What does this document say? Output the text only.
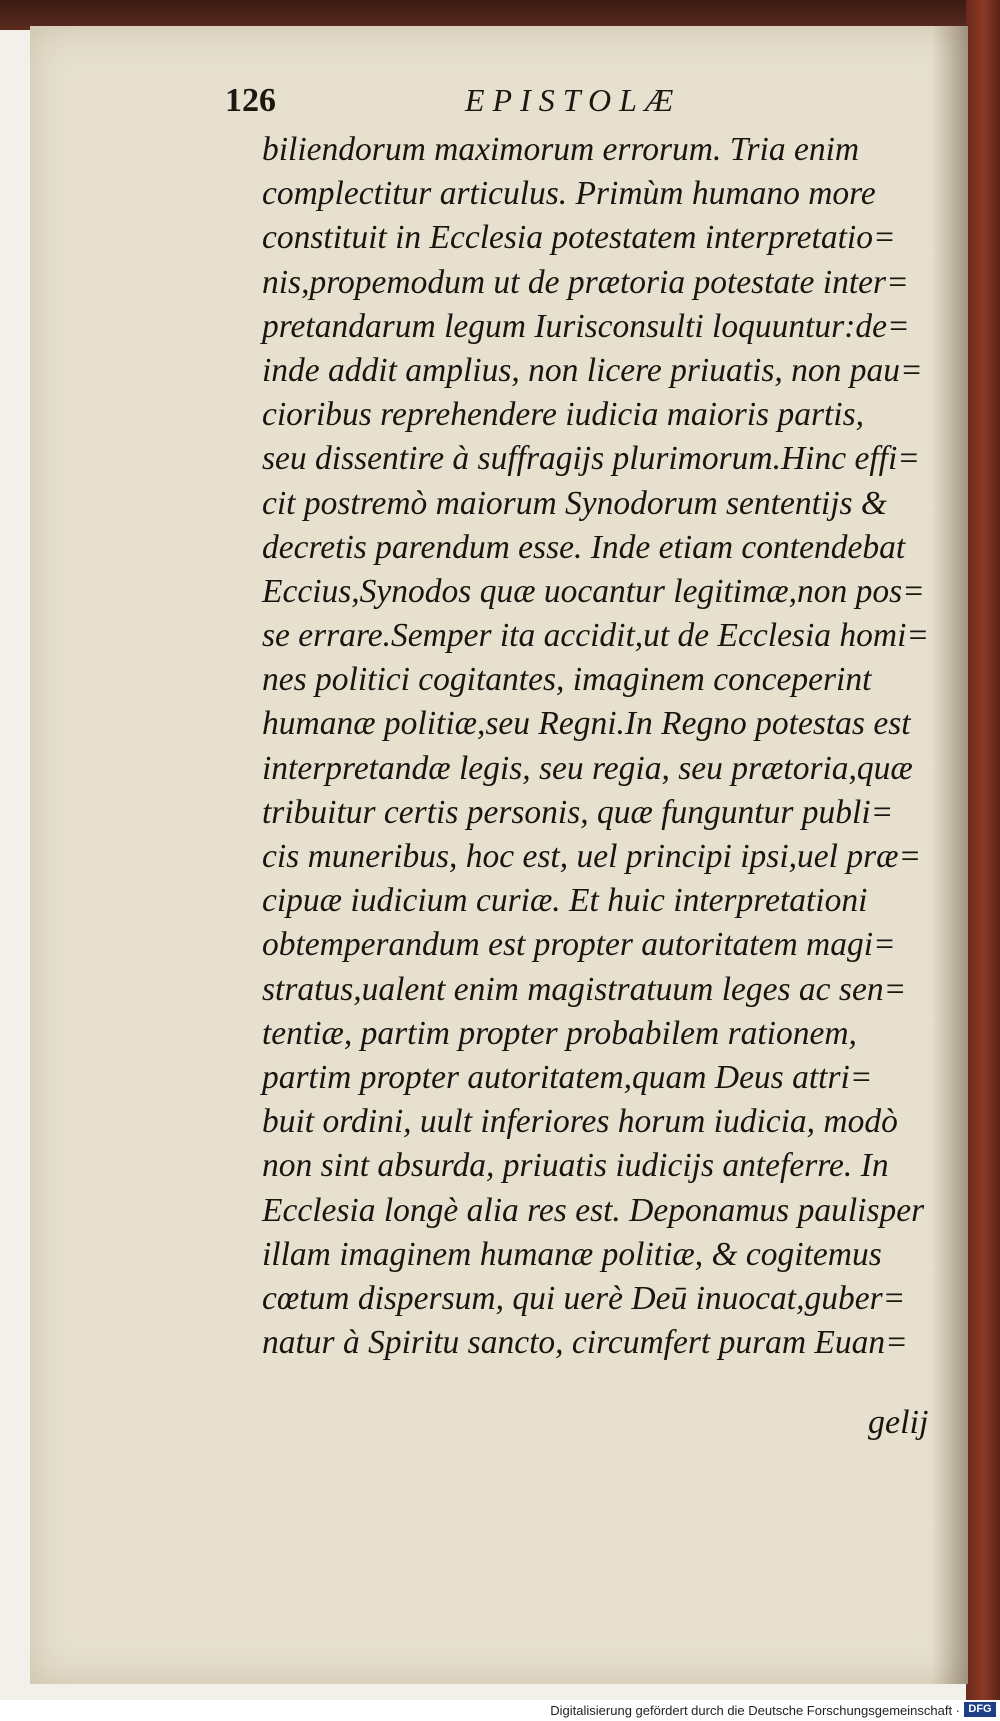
126	EPISTOLÆ
biliendorum maximorum errorum. Tria enim
complectitur articulus. Primùm humano more
constituit in Ecclesia potestatem interpretatio=
nis,propemodum ut de prætoria potestate inter=
pretandarum legum Iurisconsulti loquuntur:de=
inde addit amplius, non licere priuatis, non pau=
cioribus reprehendere iudicia maioris partis,
seu dissentire à suffragijs plurimorum.Hinc effi=
cit postremò maiorum Synodorum sententijs &
decretis parendum esse. Inde etiam contendebat
Eccius,Synodos quæ uocantur legitimæ,non pos=
se errare.Semper ita accidit,ut de Ecclesia homi=
nes politici cogitantes, imaginem conceperint
humanæ politiæ,seu Regni.In Regno potestas est
interpretandæ legis, seu regia, seu prætoria,quæ
tribuitur certis personis, quæ funguntur publi=
cis muneribus, hoc est, uel principi ipsi,uel præ=
cipuæ iudicium curiæ. Et huic interpretationi
obtemperandum est propter autoritatem magi=
stratus,ualent enim magistratuum leges ac sen=
tentiæ, partim propter probabilem rationem,
partim propter autoritatem,quam Deus attri=
buit ordini, uult inferiores horum iudicia, modò
non sint absurda, priuatis iudicijs anteferre. In
Ecclesia longè alia res est. Deponamus paulisper
illam imaginem humanæ politiæ, & cogitemus
cœtum dispersum, qui uerè Deū inuocat,guber=
natur à Spiritu sancto, circumfert puram Euan=
gelij
Digitalisierung gefördert durch die Deutsche Forschungsgemeinschaft · DFG
